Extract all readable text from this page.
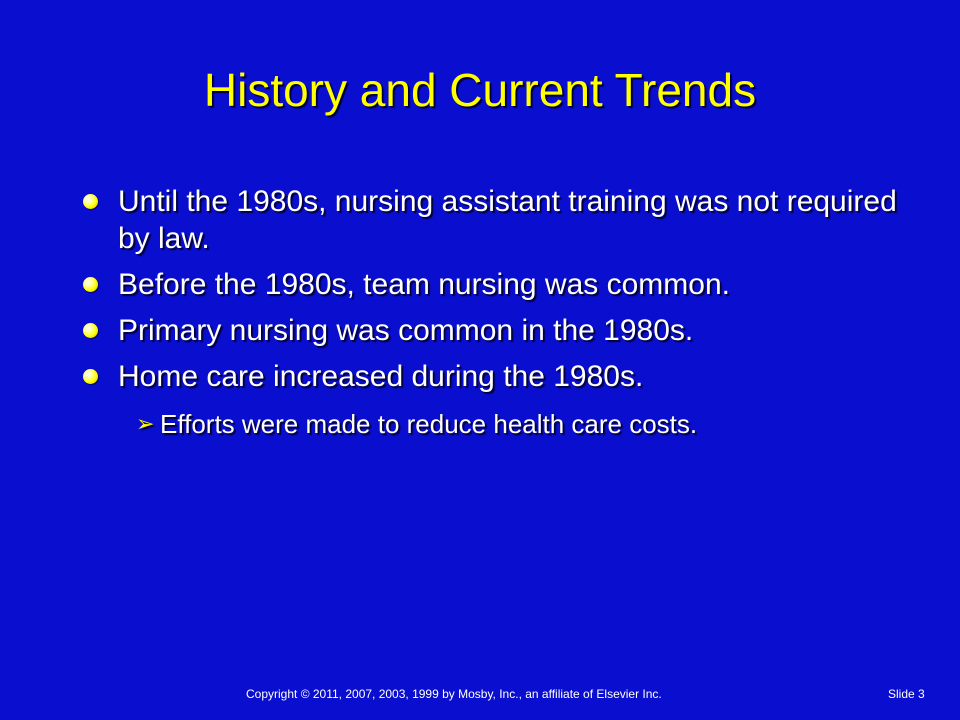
History and Current Trends
Until the 1980s, nursing assistant training was not required by law.
Before the 1980s, team nursing was common.
Primary nursing was common in the 1980s.
Home care increased during the 1980s.
➢ Efforts were made to reduce health care costs.
Copyright © 2011, 2007, 2003, 1999 by Mosby, Inc., an affiliate of Elsevier Inc.	Slide 3
